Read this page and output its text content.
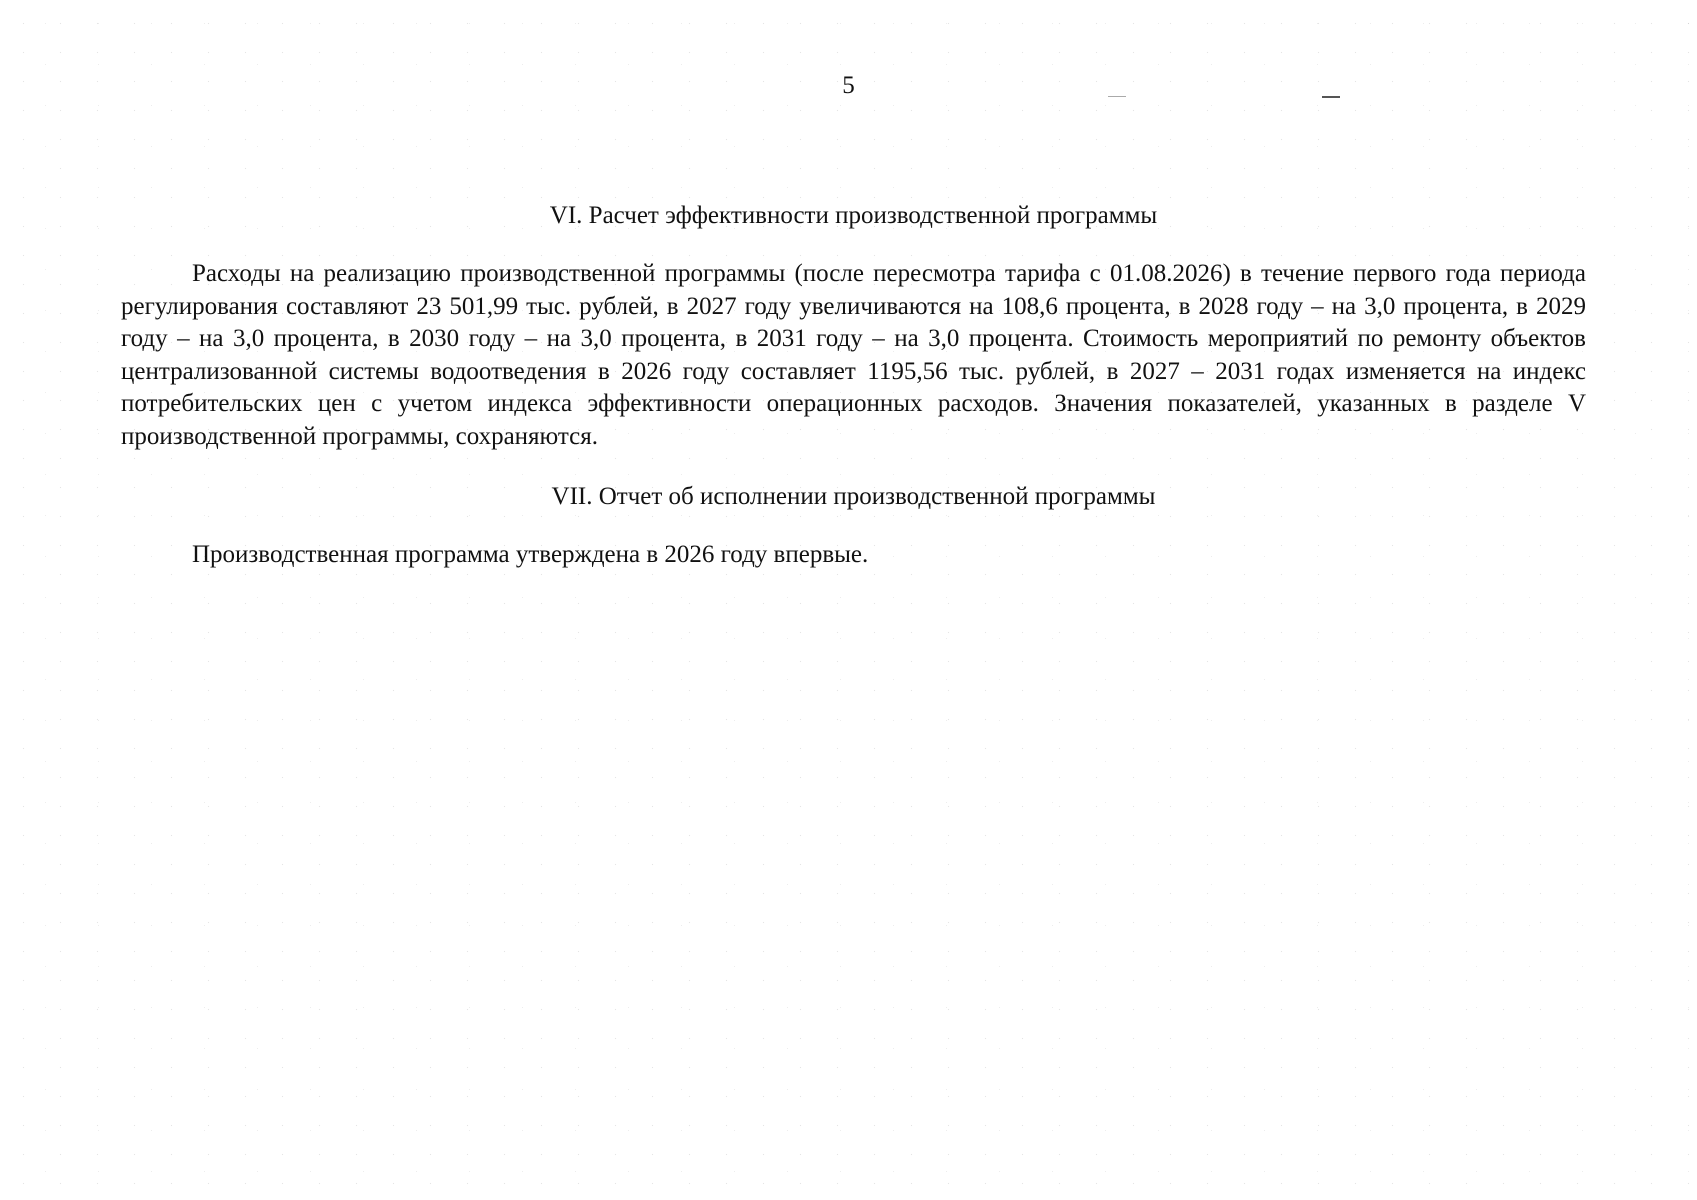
5
VI. Расчет эффективности производственной программы

Расходы на реализацию производственной программы (после пересмотра тарифа с 01.08.2026) в течение первого года периода регулирования составляют 23 501,99 тыс. рублей, в 2027 году увеличиваются на 108,6 процента, в 2028 году – на 3,0 процента, в 2029 году – на 3,0 процента, в 2030 году – на 3,0 процента, в 2031 году – на 3,0 процента. Стоимость мероприятий по ремонту объектов централизованной системы водоотведения в 2026 году составляет 1195,56 тыс. рублей, в 2027 – 2031 годах изменяется на индекс потребительских цен с учетом индекса эффективности операционных расходов. Значения показателей, указанных в разделе V производственной программы, сохраняются.

VII. Отчет об исполнении производственной программы

Производственная программа утверждена в 2026 году впервые.
